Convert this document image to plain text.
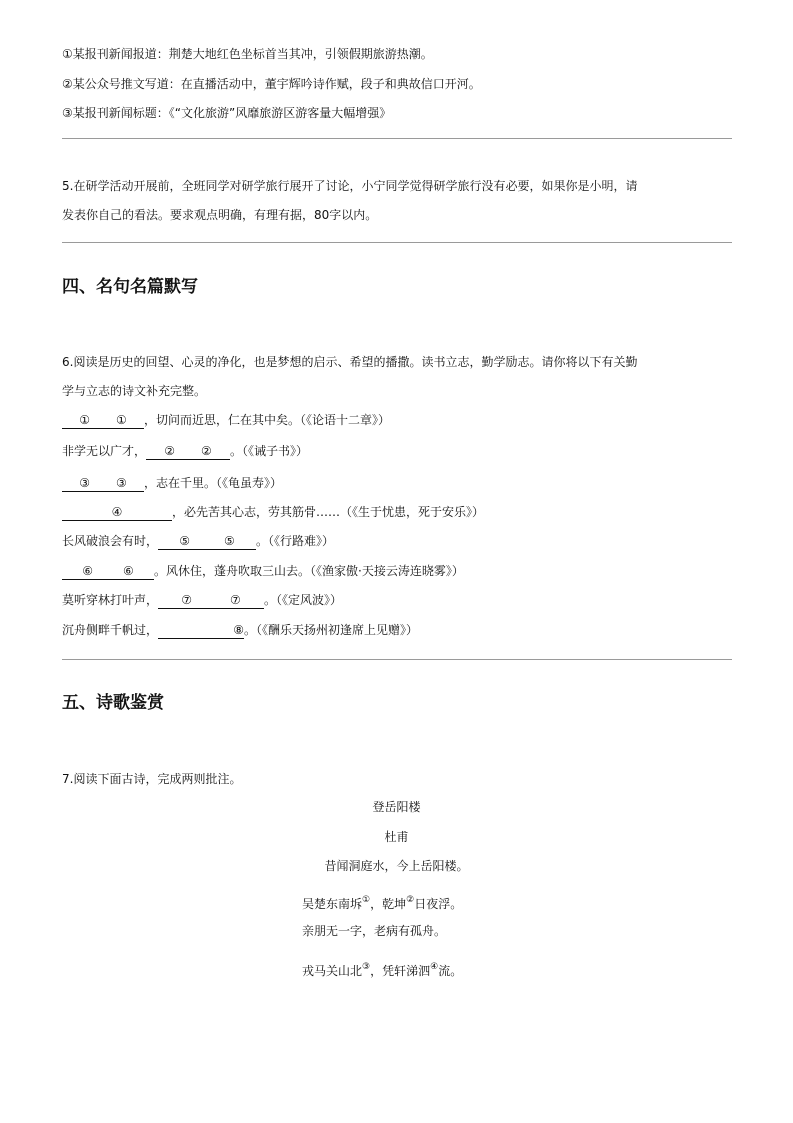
①某报刊新闻报道：荆楚大地红色坐标首当其冲，引领假期旅游热潮。
②某公众号推文写道：在直播活动中，董宇辉吟诗作赋，段子和典故信口开河。
③某报刊新闻标题：《“文化旅游”风靡旅游区游客量大幅增强》
5.在研学活动开展前，全班同学对研学旅行展开了讨论，小宁同学觉得研学旅行没有必要，如果你是小明，请
发表你自己的看法。要求观点明确，有理有据，80字以内。
四、名句名篇默写
6.阅读是历史的回望、心灵的净化，也是梦想的启示、希望的播撒。读书立志，勤学励志。请你将以下有关勤
学与立志的诗文补充完整。
① ① ，切问而近思，仁在其中矣。（《论语十二章》）
非学无以广才， ② ② 。（《诫子书》）
③ ③ ，志在千里。（《龟虽寿》）
④	，必先苦其心志，劳其筋骨……（《生于忧患，死于安乐》）
长风破浪会有时， ⑤	⑤ 。（《行路难》）
⑥	⑥ 。风休住，蓬舟吹取三山去。（《渔家傲·天接云涛连晓雾》）
莫听穿林打叶声， ⑦	⑦ 。（《定风波》）
沉舟侧畔千帆过，	⑧。（《酬乐天扬州初逢席上见赠》）
五、诗歌鉴赏
7.阅读下面古诗，完成两则批注。
登岳阳楼
杜甫
昔闻洞庭水，今上岳阳楼。
吴楚东南坼①，乾坤②日夜浮。
亲朋无一字，老病有孤舟。
戎马关山北③，凭轩涕泗④流。
